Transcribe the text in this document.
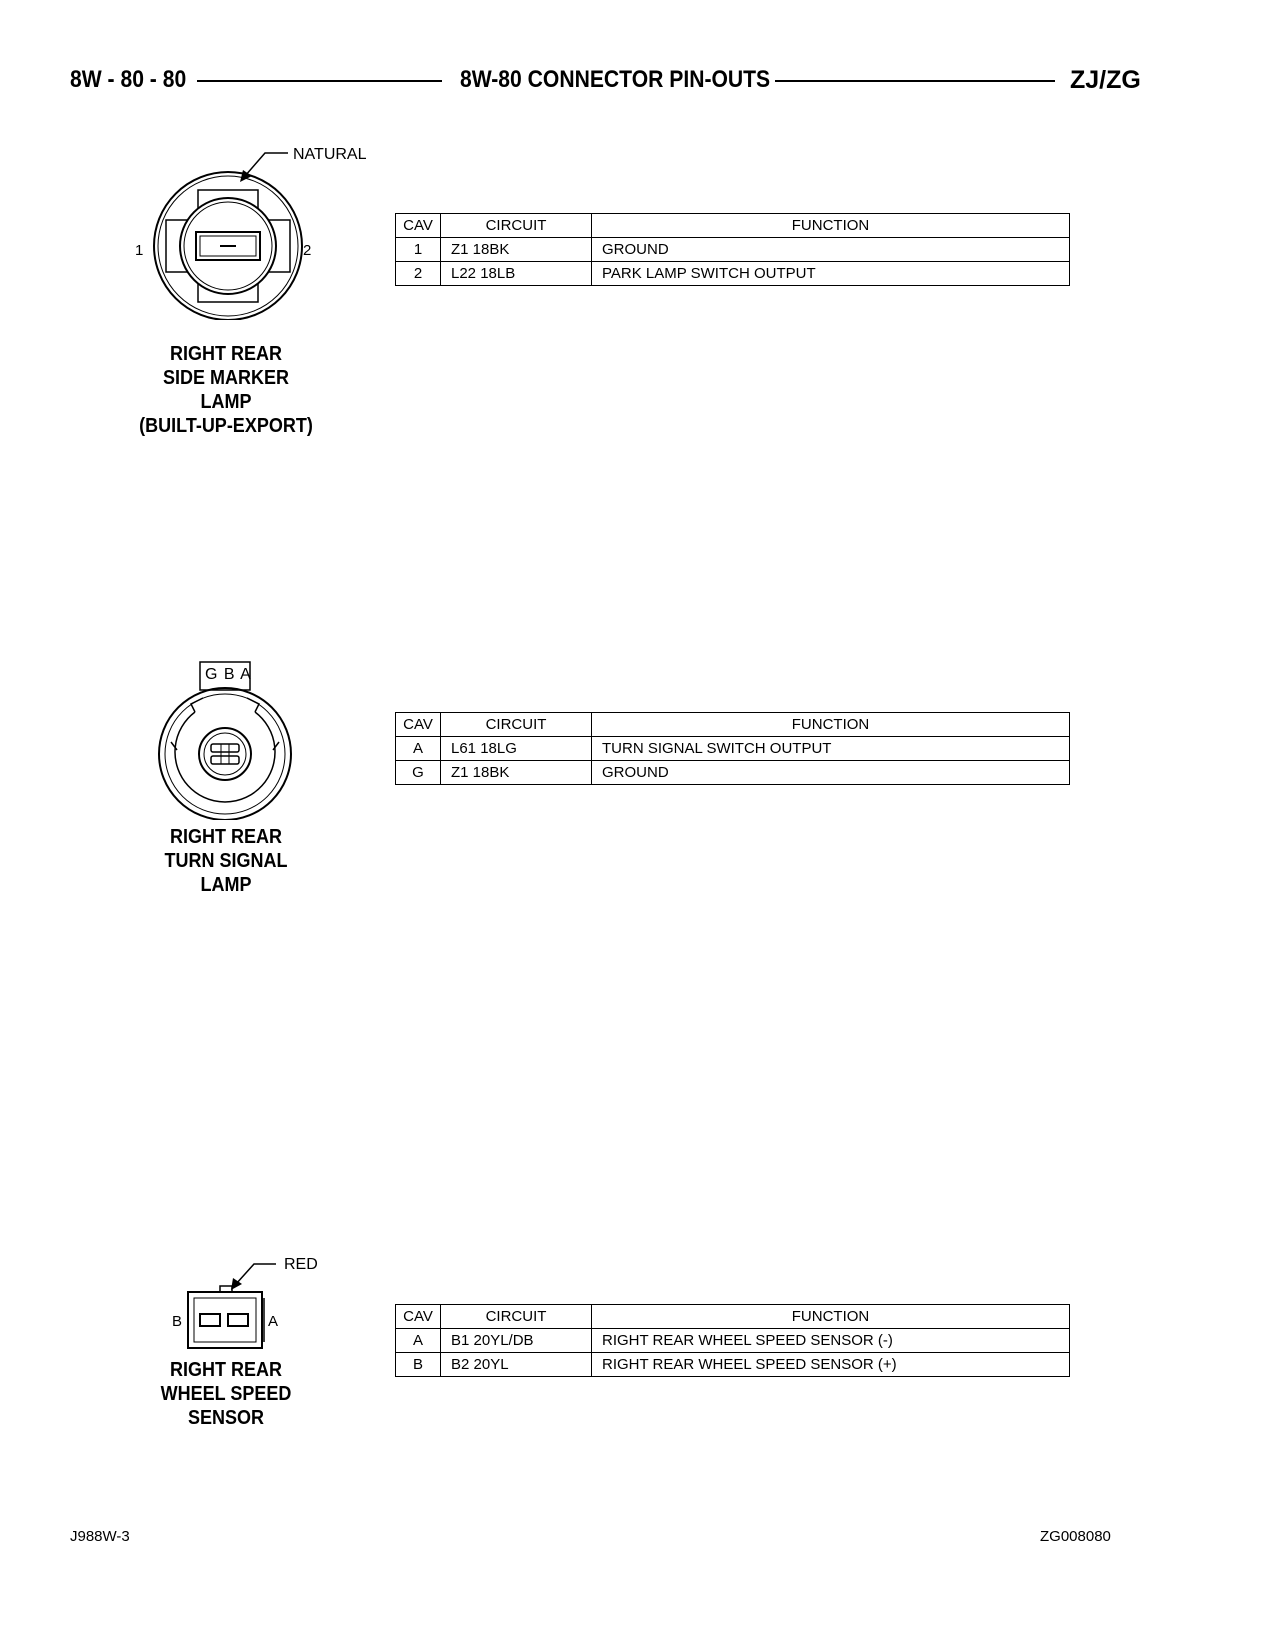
8W - 80 - 80	8W-80 CONNECTOR PIN-OUTS	ZJ/ZG
NATURAL
1	2
RIGHT REAR
SIDE MARKER
LAMP
(BUILT-UP-EXPORT)
CAV	CIRCUIT	FUNCTION
1	Z1 18BK	GROUND
2	L22 18LB	PARK LAMP SWITCH OUTPUT
G B A
RIGHT REAR
TURN SIGNAL
LAMP
CAV	CIRCUIT	FUNCTION
A	L61 18LG	TURN SIGNAL SWITCH OUTPUT
G	Z1 18BK	GROUND
RED
B	A
RIGHT REAR
WHEEL SPEED
SENSOR
CAV	CIRCUIT	FUNCTION
A	B1 20YL/DB	RIGHT REAR WHEEL SPEED SENSOR (-)
B	B2 20YL	RIGHT REAR WHEEL SPEED SENSOR (+)
J988W-3	ZG008080
